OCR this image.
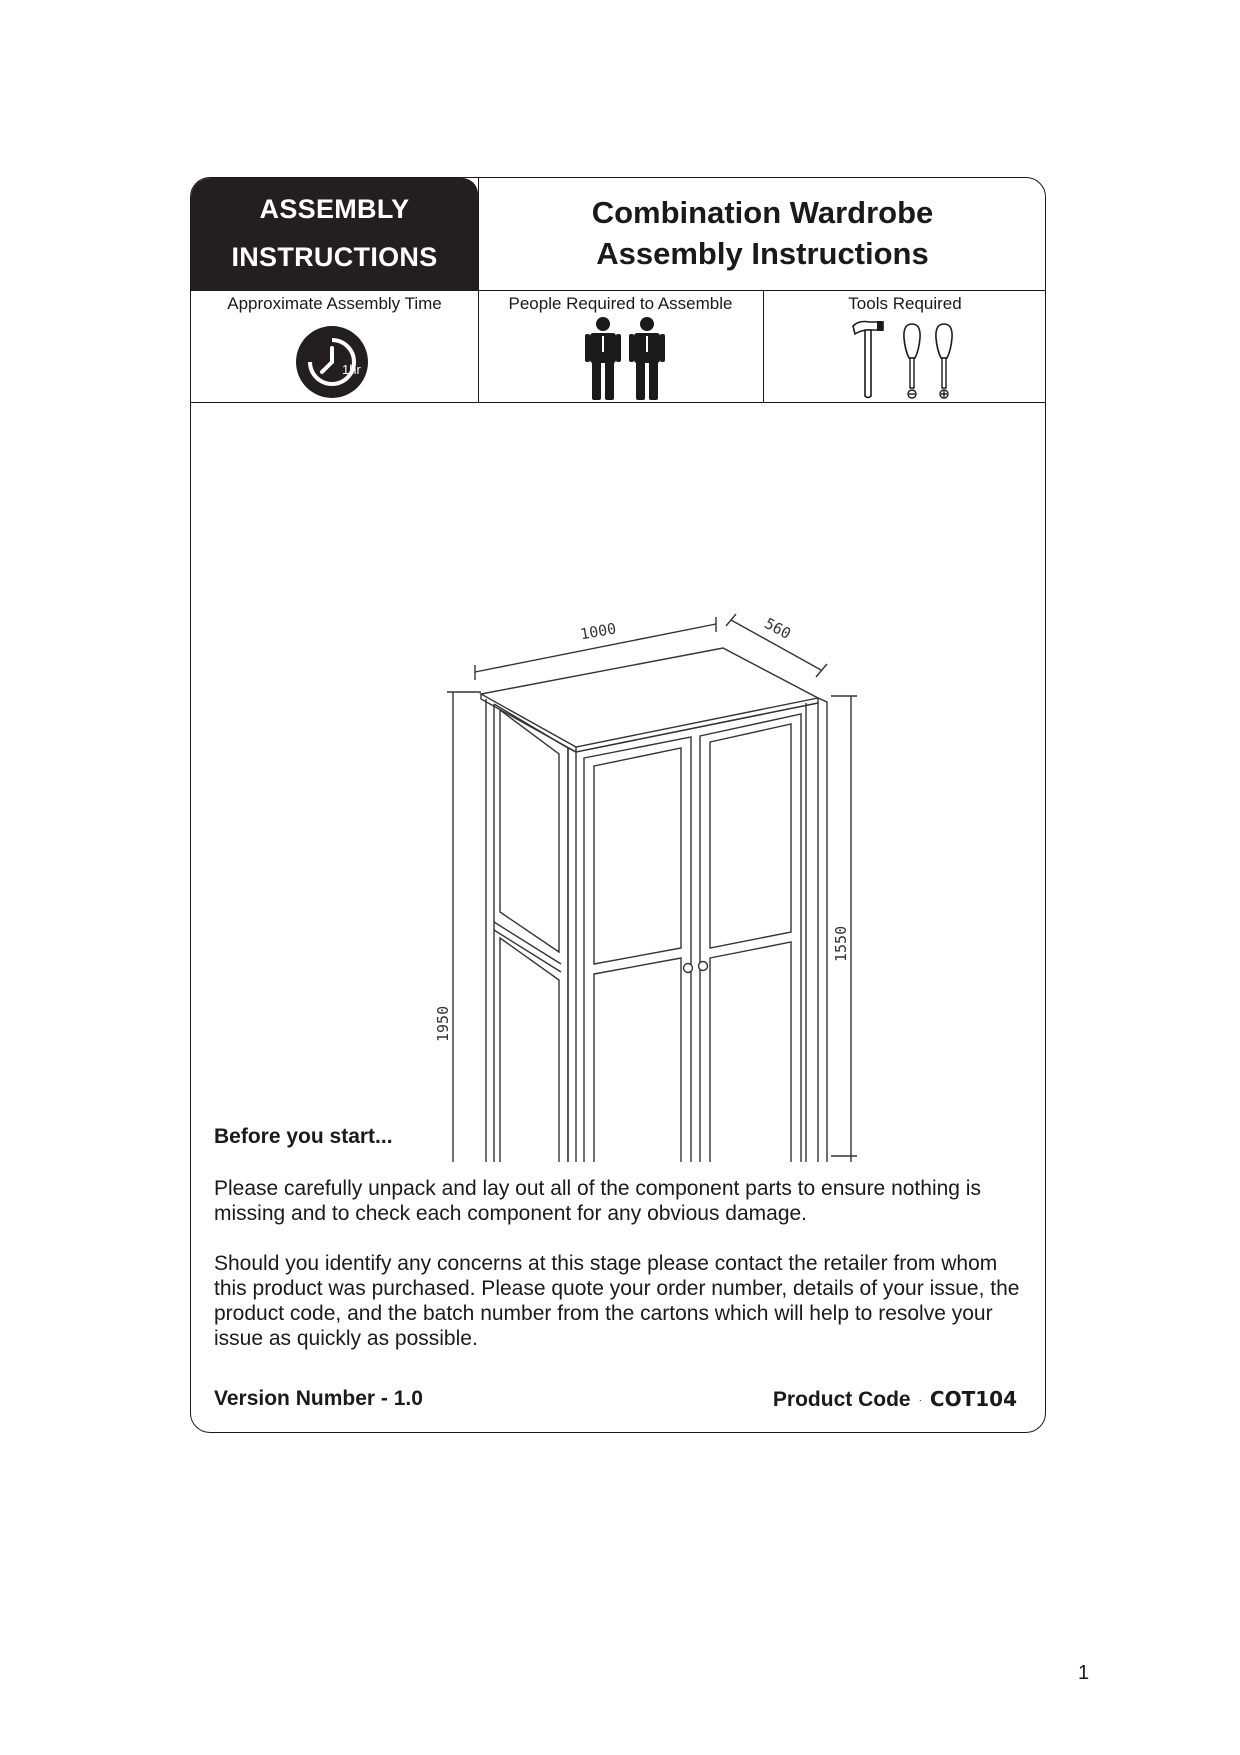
ASSEMBLY
INSTRUCTIONS
Combination Wardrobe
Assembly Instructions
Approximate Assembly Time
1hr
People Required to Assemble	Tools Required
1000	560
1950
1550
Before you start...

Please carefully unpack and lay out all of the component parts to ensure nothing is missing and to check each component for any obvious damage.

Should you identify any concerns at this stage please contact the retailer from whom this product was purchased. Please quote your order number, details of your issue, the product code, and the batch number from the cartons which will help to resolve your issue as quickly as possible.

Version Number - 1.0	Product Code · COT104
1
